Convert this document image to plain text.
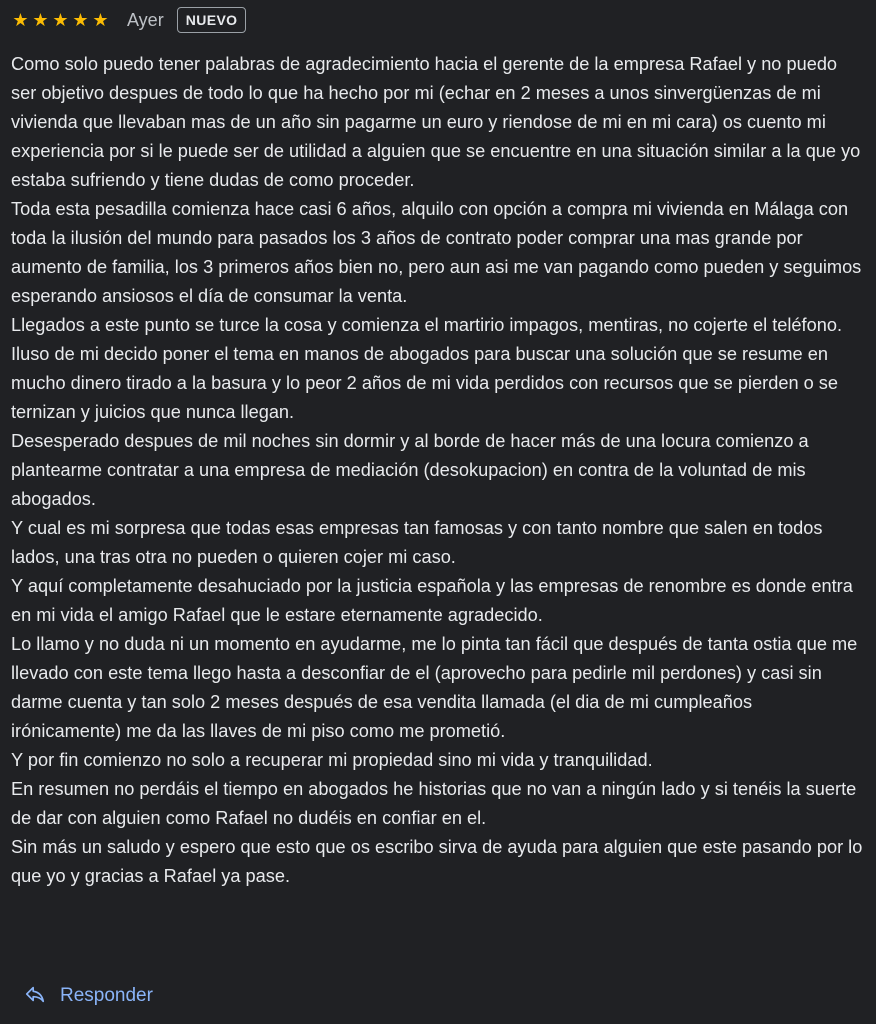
★ ★ ★ ★ ★ Ayer	NUEVO

Como solo puedo tener palabras de agradecimiento hacia el gerente de la empresa Rafael y no puedo ser objetivo despues de todo lo que ha hecho por mi (echar en 2 meses a unos sinvergüenzas de mi vivienda que llevaban mas de un año sin pagarme un euro y riendose de mi en mi cara) os cuento mi experiencia por si le puede ser de utilidad a alguien que se encuentre en una situación similar a la que yo estaba sufriendo y tiene dudas de como proceder.

Toda esta pesadilla comienza hace casi 6 años, alquilo con opción a compra mi vivienda en Málaga con toda la ilusión del mundo para pasados los 3 años de contrato poder comprar una mas grande por aumento de familia, los 3 primeros años bien no, pero aun asi me van pagando como pueden y seguimos esperando ansiosos el día de consumar la venta.

Llegados a este punto se turce la cosa y comienza el martirio impagos, mentiras, no cojerte el teléfono.

Iluso de mi decido poner el tema en manos de abogados para buscar una solución que se resume en mucho dinero tirado a la basura y lo peor 2 años de mi vida perdidos con recursos que se pierden o se ternizan y juicios que nunca llegan.

Desesperado despues de mil noches sin dormir y al borde de hacer más de una locura comienzo a plantearme contratar a una empresa de mediación (desokupacion) en contra de la voluntad de mis abogados.

Y cual es mi sorpresa que todas esas empresas tan famosas y con tanto nombre que salen en todos lados, una tras otra no pueden o quieren cojer mi caso.

Y aquí completamente desahuciado por la justicia española y las empresas de renombre es donde entra en mi vida el amigo Rafael que le estare eternamente agradecido.

Lo llamo y no duda ni un momento en ayudarme, me lo pinta tan fácil que después de tanta ostia que me llevado con este tema llego hasta a desconfiar de el (aprovecho para pedirle mil perdones) y casi sin darme cuenta y tan solo 2 meses después de esa vendita llamada (el dia de mi cumpleaños irónicamente) me da las llaves de mi piso como me prometió.

Y por fin comienzo no solo a recuperar mi propiedad sino mi vida y tranquilidad.

En resumen no perdáis el tiempo en abogados he historias que no van a ningún lado y si tenéis la suerte de dar con alguien como Rafael no dudéis en confiar en el.

Sin más un saludo y espero que esto que os escribo sirva de ayuda para alguien que este pasando por lo que yo y gracias a Rafael ya pase.

Responder
